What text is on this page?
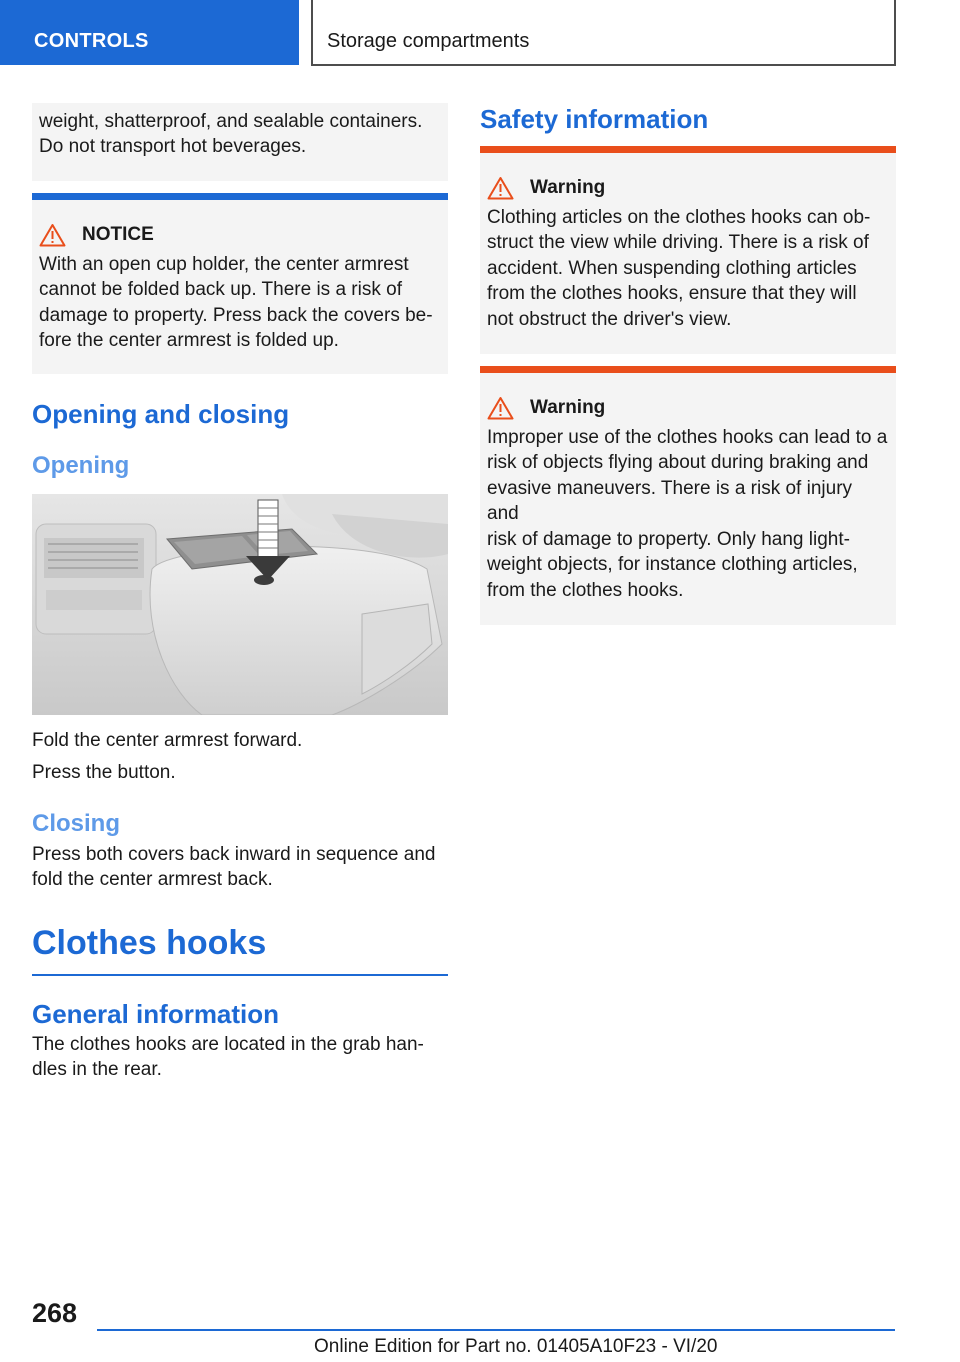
CONTROLS	Storage compartments
weight, shatterproof, and sealable containers.
Do not transport hot beverages.
NOTICE
With an open cup holder, the center armrest
cannot be folded back up. There is a risk of
damage to property. Press back the covers be-
fore the center armrest is folded up.
Opening and closing
Opening
Fold the center armrest forward.
Press the button.
Closing
Press both covers back inward in sequence and
fold the center armrest back.
Clothes hooks
General information
The clothes hooks are located in the grab han-
dles in the rear.
Safety information
Warning
Clothing articles on the clothes hooks can ob-
struct the view while driving. There is a risk of
accident. When suspending clothing articles
from the clothes hooks, ensure that they will
not obstruct the driver's view.
Warning
Improper use of the clothes hooks can lead to a
risk of objects flying about during braking and
evasive maneuvers. There is a risk of injury and
risk of damage to property. Only hang light-
weight objects, for instance clothing articles,
from the clothes hooks.
268
Online Edition for Part no. 01405A10F23 - VI/20
